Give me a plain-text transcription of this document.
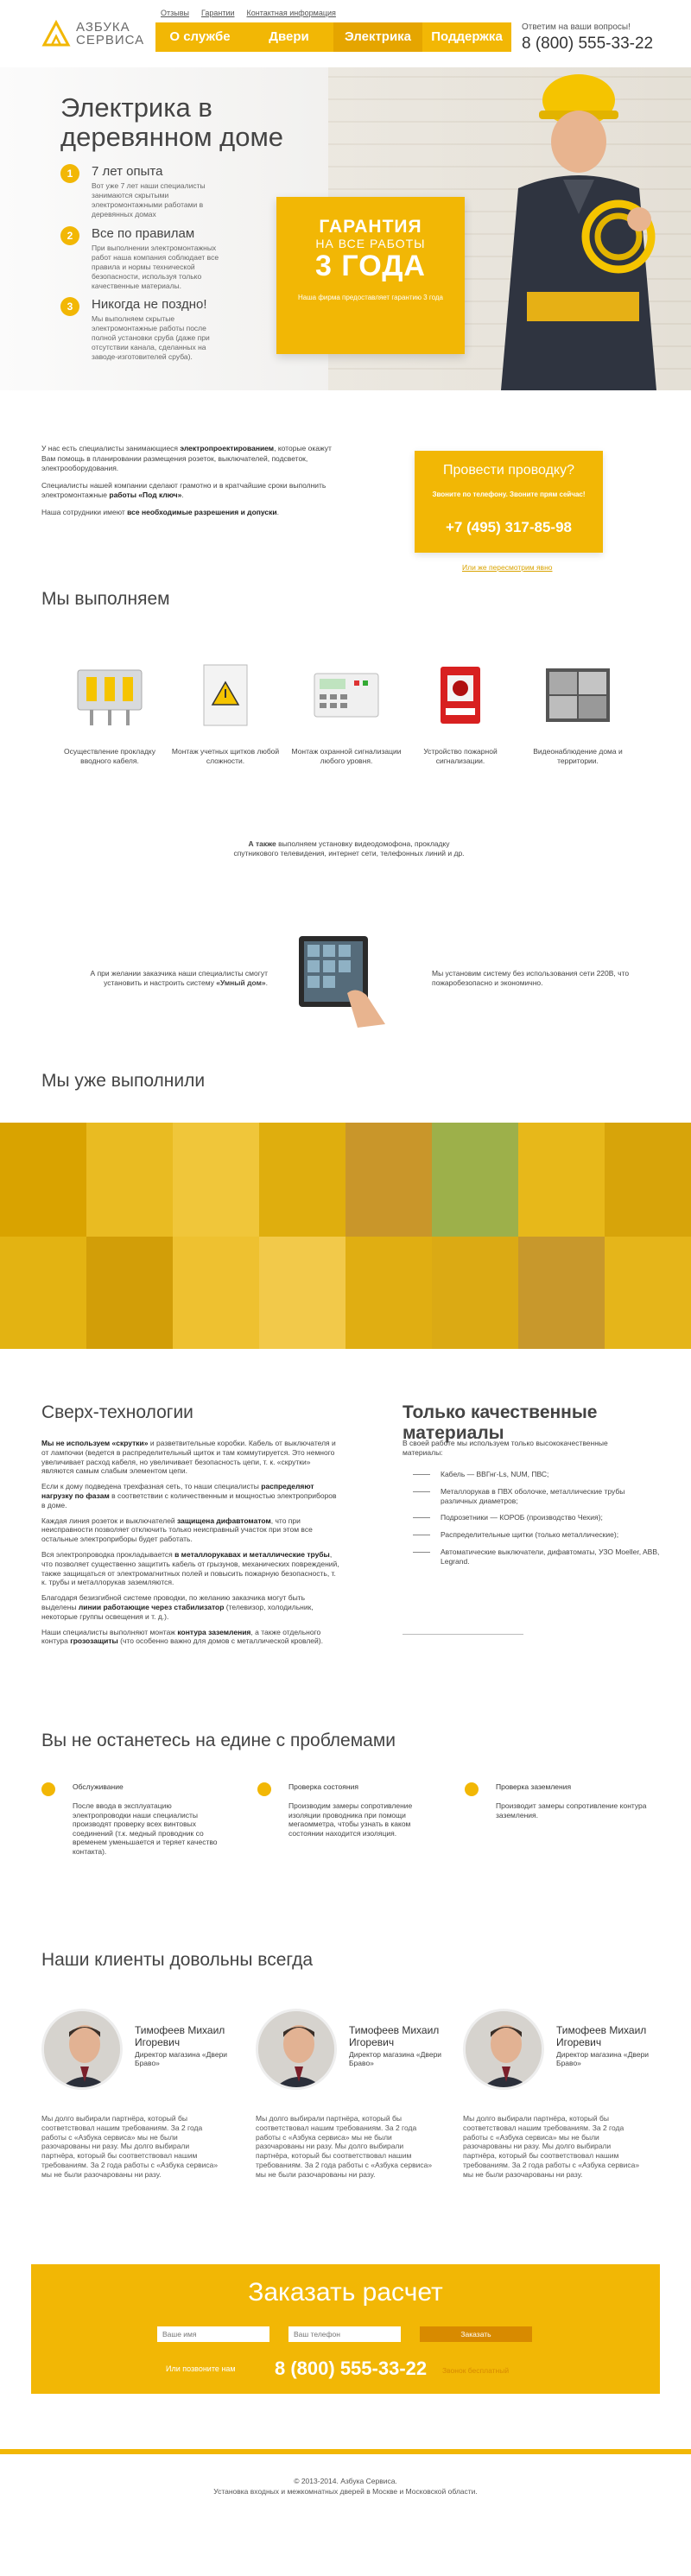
АЗБУКА
СЕРВИСА
Отзывы Гарантии Контактная информация
О службе	Двери	Электрика	Поддержка
Ответим на ваши вопросы!
8 (800) 555-33-22
Электрика в деревянном доме
1	7 лет опыта
Вот уже 7 лет наши специалисты занимаются скрытыми электромонтажными работами в деревянных домах
2	Все по правилам
При выполнении электромонтажных работ наша компания соблюдает все правила и нормы технической безопасности, используя только качественные материалы.
3	Никогда не поздно!
Мы выполняем скрытые электромонтажные работы после полной установки сруба (даже при отсутствии канала, сделанных на заводе-изготовителей сруба).
ГАРАНТИЯ
НА ВСЕ РАБОТЫ
3 ГОДА
Наша фирма предоставляет гарантию 3 года

У нас есть специалисты занимающиеся электропроектированием, которые окажут Вам помощь в планировании размещения розеток, выключателей, подсветок, электрооборудования.

Специалисты нашей компании сделают грамотно и в кратчайшие сроки выполнить электромонтажные работы «Под ключ».

Наша сотрудники имеют все необходимые разрешения и допуски.

Провести проводку?
Звоните по телефону. Звоните прям сейчас!
+7 (495) 317-85-98
Или же пересмотрим явно
Мы выполняем
Осуществление прокладку вводного кабеля.
Монтаж учетных щитков любой сложности.
Монтаж охранной сигнализации любого уровня.
Устройство пожарной сигнализации.
Видеонаблюдение дома и территории.
А также выполняем установку видеодомофона, прокладку спутникового телевидения, интернет сети, телефонных линий и др.
А при желании заказчика наши специалисты смогут установить и настроить систему «Умный дом».
Мы установим систему без использования сети 220В, что пожаробезопасно и экономично.
Мы уже выполнили
Сверх-технологии

Мы не используем «скрутки» и разветвительные коробки. Кабель от выключателя и от лампочки (ведется в распределительный щиток и там коммутируется. Это немного увеличивает расход кабеля, но увеличивает безопасность цепи, т. к. «скрутки» являются самым слабым элементом цепи.

Если к дому подведена трехфазная сеть, то наши специалисты распределяют нагрузку по фазам в соответствии с количественным и мощностью электроприборов в доме.

Каждая линия розеток и выключателей защищена дифавтоматом, что при неисправности позволяет отключить только неисправный участок при этом все остальные электроприборы будет работать.

Вся электропроводка прокладывается в металлорукавах и металлические трубы, что позволяет существенно защитить кабель от грызунов, механических повреждений, также защищаться от электромагнитных полей и повысить пожарную безопасность, т. к. трубы и металлорукав заземляются.

Благодаря безизгибной системе проводки, по желанию заказчика могут быть выделены линии работающие через стабилизатор (телевизор, холодильник, некоторые группы освещения и т. д.).

Наши специалисты выполняют монтаж контура заземления, а также отдельного контура грозозащиты (что особенно важно для домов с металлической кровлей).

Только качественные материалы
В своей работе мы используем только высококачественные материалы:
Кабель — ВВГнг-Ls, NUM, ПВС;
Металлорукав в ПВХ оболочке, металлические трубы различных диаметров;
Подрозетники — КОРОБ (производство Чехия);
Распределительные щитки (только металлические);
Автоматические выключатели, дифавтоматы, УЗО Moeller, ABB, Legrand.
Вы не останетесь на едине с проблемами
Обслуживание
После ввода в эксплуатацию электропроводки наши специалисты производят проверку всех винтовых соединений (т.к. медный проводник со временем уменьшается и теряет качество контакта).
Проверка состояния
Производим замеры сопротивление изоляции проводника при помощи мегаомметра, чтобы узнать в каком состоянии находится изоляция.
Проверка заземления
Производит замеры сопротивление контура заземления.
Наши клиенты довольны всегда
Тимофеев Михаил Игоревич
Директор магазина «Двери Браво»
Мы долго выбирали партнёра, который бы соответствовал нашим требованиям. За 2 года работы с «Азбука сервиса» мы не были разочарованы ни разу. Мы долго выбирали партнёра, который бы соответствовал нашим требованиям. За 2 года работы с «Азбука сервиса» мы не были разочарованы ни разу.
Тимофеев Михаил Игоревич
Директор магазина «Двери Браво»
Мы долго выбирали партнёра, который бы соответствовал нашим требованиям. За 2 года работы с «Азбука сервиса» мы не были разочарованы ни разу. Мы долго выбирали партнёра, который бы соответствовал нашим требованиям. За 2 года работы с «Азбука сервиса» мы не были разочарованы ни разу.
Тимофеев Михаил Игоревич
Директор магазина «Двери Браво»
Мы долго выбирали партнёра, который бы соответствовал нашим требованиям. За 2 года работы с «Азбука сервиса» мы не были разочарованы ни разу. Мы долго выбирали партнёра, который бы соответствовал нашим требованиям. За 2 года работы с «Азбука сервиса» мы не были разочарованы ни разу.
Заказать расчет
Ваше имя
Ваш телефон
Заказать
Или позвоните нам 8 (800) 555-33-22 Звонок бесплатный
© 2013-2014. Азбука Сервиса.
Установка входных и межкомнатных дверей в Москве и Московской области.
